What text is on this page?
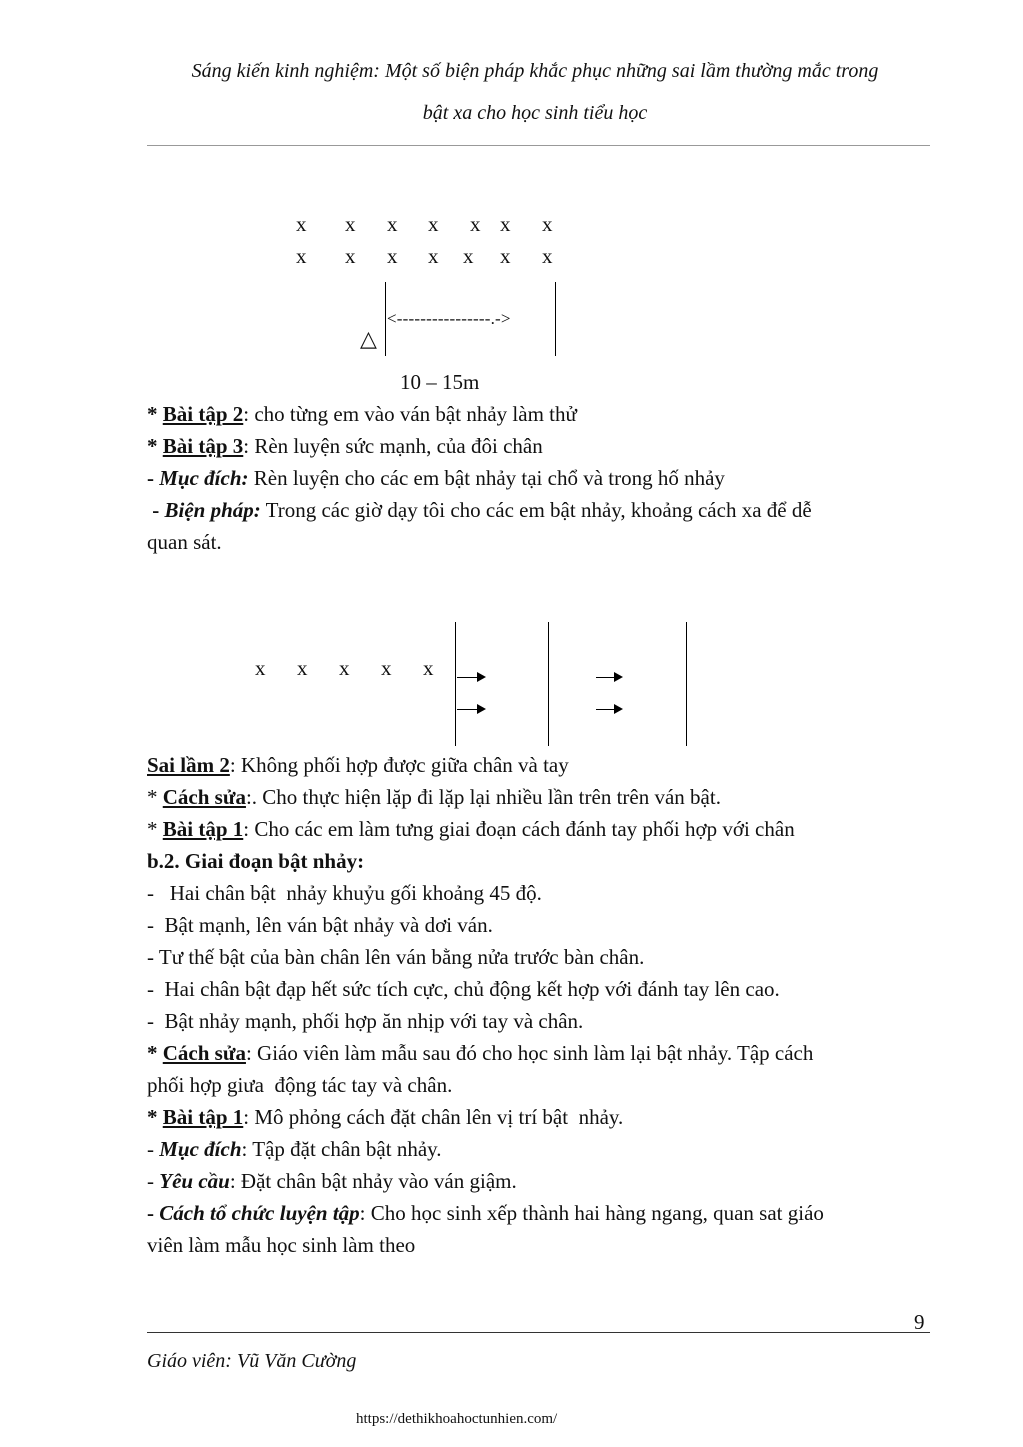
Sáng kiến kinh nghiệm: Một số biện pháp khắc phục những sai lầm thường mắc trong
bật xa cho học sinh tiểu học
x x x x x x x
x x x x x x x
<----------------.->
△
10 – 15m
* Bài tập 2: cho từng em vào ván bật nhảy làm thử
* Bài tập 3: Rèn luyện sức mạnh, của đôi chân
- Mục đích: Rèn luyện cho các em bật nhảy tại chổ và trong hố nhảy
- Biện pháp: Trong các giờ dạy tôi cho các em bật nhảy, khoảng cách xa để dễ
quan sát.
x x x x x
Sai lầm 2: Không phối hợp được giữa chân và tay
* Cách sửa:. Cho thực hiện lặp đi lặp lại nhiều lần trên trên ván bật.
* Bài tập 1: Cho các em làm tưng giai đoạn cách đánh tay phối hợp với chân
b.2. Giai đoạn bật nhảy:
-   Hai chân bật  nhảy khuỷu gối khoảng 45 độ.
-  Bật mạnh, lên ván bật nhảy và dơi ván.
- Tư thế bật của bàn chân lên ván bằng nửa trước bàn chân.
-  Hai chân bật đạp hết sức tích cực, chủ động kết hợp với đánh tay lên cao.
-  Bật nhảy mạnh, phối hợp ăn nhịp với tay và chân.
* Cách sửa: Giáo viên làm mẫu sau đó cho học sinh làm lại bật nhảy. Tập cách
phối hợp giưa  động tác tay và chân.
* Bài tập 1: Mô phỏng cách đặt chân lên vị trí bật  nhảy.
- Mục đích: Tập đặt chân bật nhảy.
- Yêu cầu: Đặt chân bật nhảy vào ván giậm.
- Cách tổ chức luyện tập: Cho học sinh xếp thành hai hàng ngang, quan sat giáo
viên làm mẫu học sinh làm theo
9
Giáo viên: Vũ Văn Cường
https://dethikhoahoctunhien.com/
